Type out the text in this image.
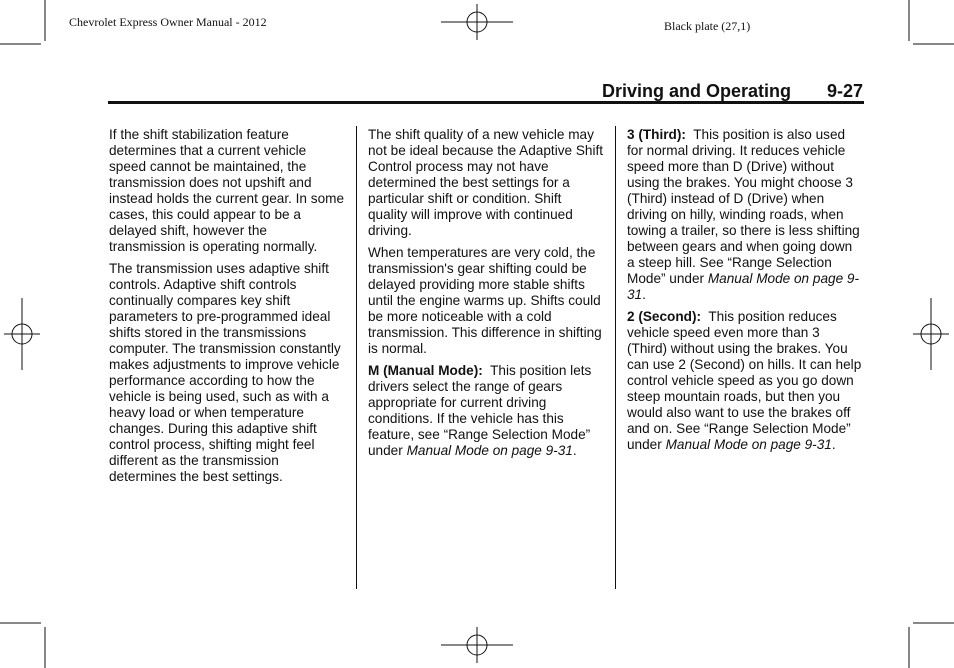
Chevrolet Express Owner Manual - 2012	Black plate (27,1)
Driving and Operating 9-27

If the shift stabilization feature determines that a current vehicle speed cannot be maintained, the transmission does not upshift and instead holds the current gear. In some cases, this could appear to be a delayed shift, however the transmission is operating normally.

The transmission uses adaptive shift controls. Adaptive shift controls continually compares key shift parameters to pre-programmed ideal shifts stored in the transmissions computer. The transmission constantly makes adjustments to improve vehicle performance according to how the vehicle is being used, such as with a heavy load or when temperature changes. During this adaptive shift control process, shifting might feel different as the transmission determines the best settings.

The shift quality of a new vehicle may not be ideal because the Adaptive Shift Control process may not have determined the best settings for a particular shift or condition. Shift quality will improve with continued driving.

When temperatures are very cold, the transmission's gear shifting could be delayed providing more stable shifts until the engine warms up. Shifts could be more noticeable with a cold transmission. This difference in shifting is normal.

M (Manual Mode): This position lets drivers select the range of gears appropriate for current driving conditions. If the vehicle has this feature, see “Range Selection Mode” under Manual Mode on page 9-31.

3 (Third): This position is also used for normal driving. It reduces vehicle speed more than D (Drive) without using the brakes. You might choose 3 (Third) instead of D (Drive) when driving on hilly, winding roads, when towing a trailer, so there is less shifting between gears and when going down a steep hill. See “Range Selection Mode” under Manual Mode on page 9-31.

2 (Second): This position reduces vehicle speed even more than 3 (Third) without using the brakes. You can use 2 (Second) on hills. It can help control vehicle speed as you go down steep mountain roads, but then you would also want to use the brakes off and on. See “Range Selection Mode” under Manual Mode on page 9-31.
